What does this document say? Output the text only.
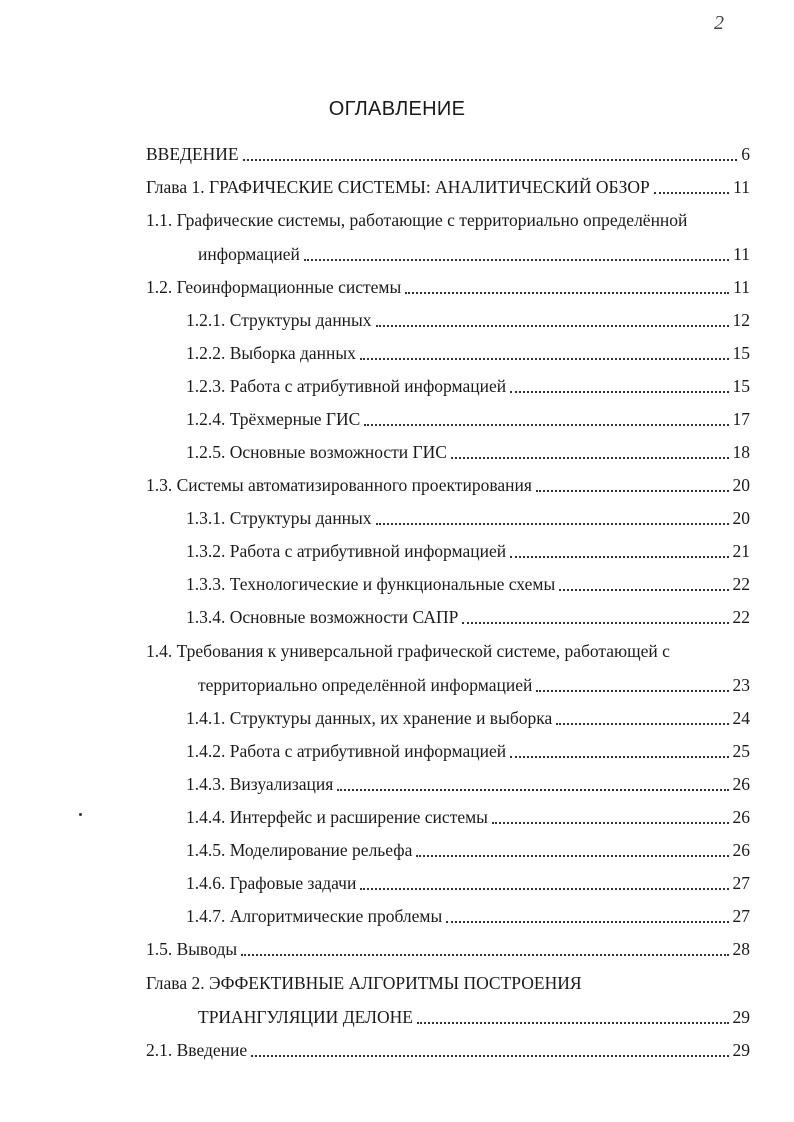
2
ОГЛАВЛЕНИЕ
ВВЕДЕНИЕ	6
Глава 1. ГРАФИЧЕСКИЕ СИСТЕМЫ: АНАЛИТИЧЕСКИЙ ОБЗОР	11
1.1. Графические системы, работающие с территориально определённой
информацией	11
1.2. Геоинформационные системы	11
1.2.1. Структуры данных	12
1.2.2. Выборка данных	15
1.2.3. Работа с атрибутивной информацией	15
1.2.4. Трёхмерные ГИС	17
1.2.5. Основные возможности ГИС	18
1.3. Системы автоматизированного проектирования	20
1.3.1. Структуры данных	20
1.3.2. Работа с атрибутивной информацией	21
1.3.3. Технологические и функциональные схемы	22
1.3.4. Основные возможности САПР	22
1.4. Требования к универсальной графической системе, работающей с
территориально определённой информацией	23
1.4.1. Структуры данных, их хранение и выборка	24
1.4.2. Работа с атрибутивной информацией	25
1.4.3. Визуализация	26
1.4.4. Интерфейс и расширение системы	26
1.4.5. Моделирование рельефа	26
1.4.6. Графовые задачи	27
1.4.7. Алгоритмические проблемы	27
1.5. Выводы	28
Глава 2. ЭФФЕКТИВНЫЕ АЛГОРИТМЫ ПОСТРОЕНИЯ
ТРИАНГУЛЯЦИИ ДЕЛОНЕ	29
2.1. Введение	29
